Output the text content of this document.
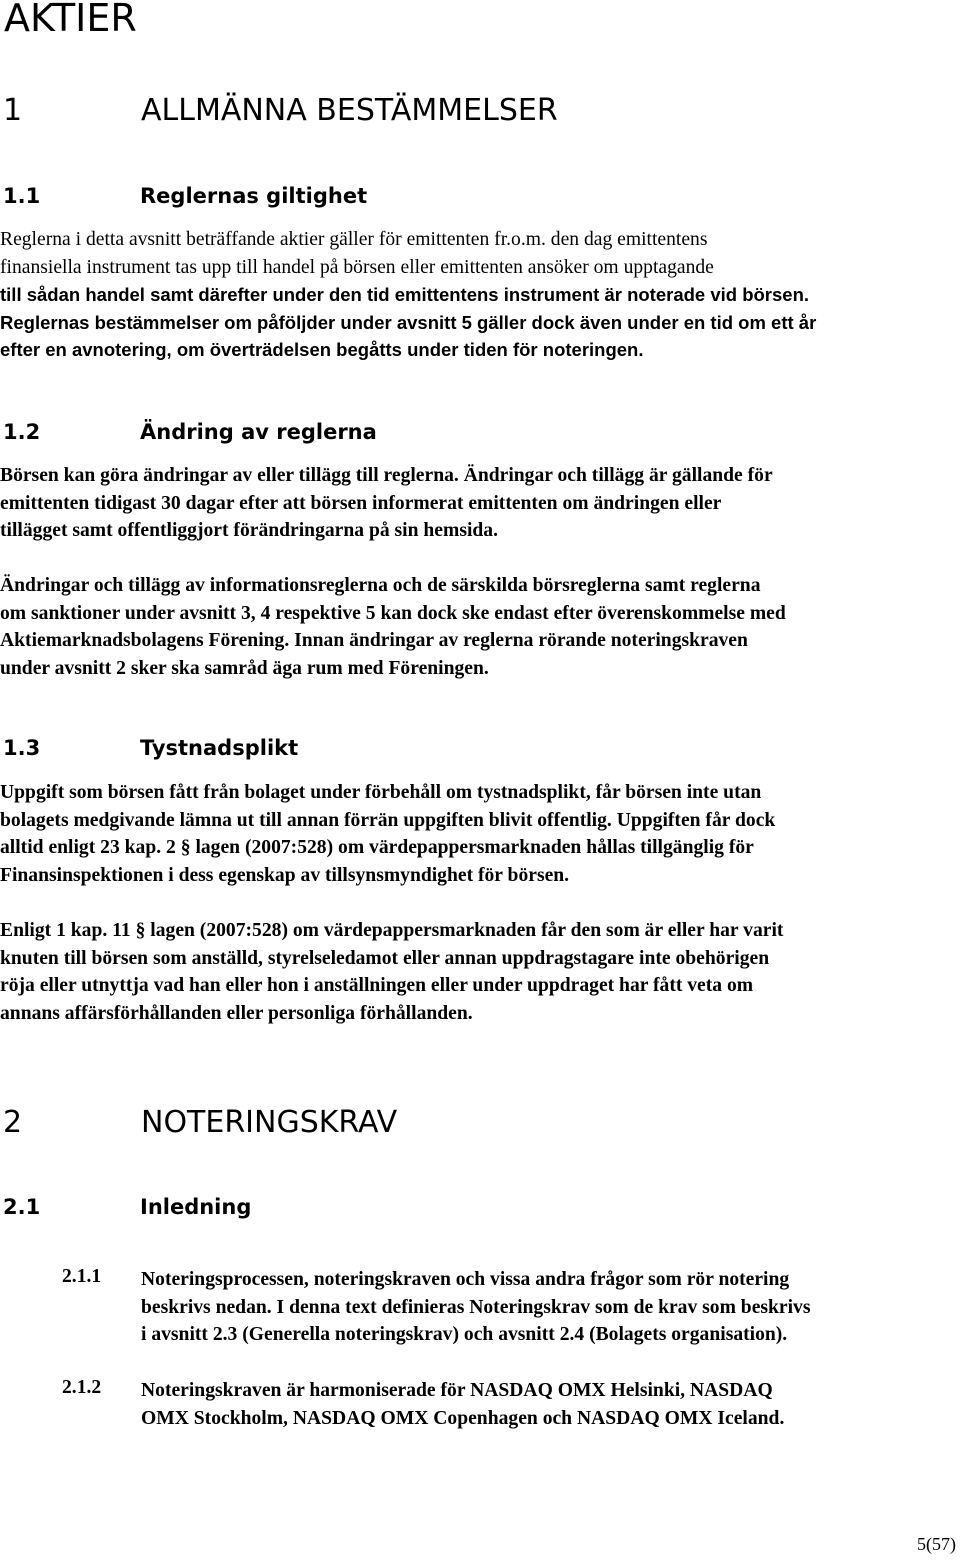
AKTIER
1	ALLMÄNNA BESTÄMMELSER
1.1	Reglernas giltighet
Reglerna i detta avsnitt beträffande aktier gäller för emittenten fr.o.m. den dag emittentens
finansiella instrument tas upp till handel på börsen eller emittenten ansöker om upptagande
till sådan handel samt därefter under den tid emittentens instrument är noterade vid börsen.
Reglernas bestämmelser om påföljder under avsnitt 5 gäller dock även under en tid om ett år
efter en avnotering, om överträdelsen begåtts under tiden för noteringen.
1.2	Ändring av reglerna
Börsen kan göra ändringar av eller tillägg till reglerna. Ändringar och tillägg är gällande för
emittenten tidigast 30 dagar efter att börsen informerat emittenten om ändringen eller
tillägget samt offentliggjort förändringarna på sin hemsida.
Ändringar och tillägg av informationsreglerna och de särskilda börsreglerna samt reglerna
om sanktioner under avsnitt 3, 4 respektive 5 kan dock ske endast efter överenskommelse med
Aktiemarknadsbolagens Förening. Innan ändringar av reglerna rörande noteringskraven
under avsnitt 2 sker ska samråd äga rum med Föreningen.
1.3	Tystnadsplikt
Uppgift som börsen fått från bolaget under förbehåll om tystnadsplikt, får börsen inte utan
bolagets medgivande lämna ut till annan förrän uppgiften blivit offentlig. Uppgiften får dock
alltid enligt 23 kap. 2 § lagen (2007:528) om värdepappersmarknaden hållas tillgänglig för
Finansinspektionen i dess egenskap av tillsynsmyndighet för börsen.
Enligt 1 kap. 11 § lagen (2007:528) om värdepappersmarknaden får den som är eller har varit
knuten till börsen som anställd, styrelseledamot eller annan uppdragstagare inte obehörigen
röja eller utnyttja vad han eller hon i anställningen eller under uppdraget har fått veta om
annans affärsförhållanden eller personliga förhållanden.
2	NOTERINGSKRAV
2.1	Inledning
2.1.1 Noteringsprocessen, noteringskraven och vissa andra frågor som rör notering
beskrivs nedan. I denna text definieras Noteringskrav som de krav som beskrivs
i avsnitt 2.3 (Generella noteringskrav) och avsnitt 2.4 (Bolagets organisation).
2.1.2 Noteringskraven är harmoniserade för NASDAQ OMX Helsinki, NASDAQ
OMX Stockholm, NASDAQ OMX Copenhagen och NASDAQ OMX Iceland.
5(57)
